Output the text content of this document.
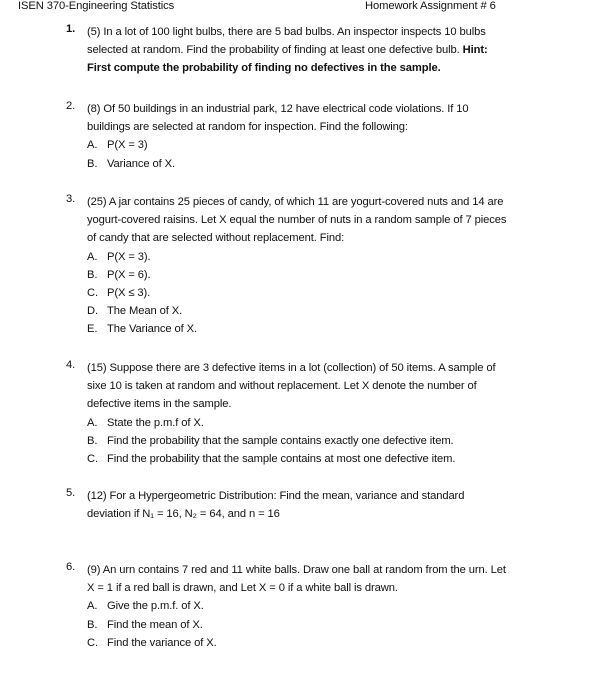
ISEN 370-Engineering Statistics	Homework Assignment # 6
1.	(5) In a lot of 100 light bulbs, there are 5 bad bulbs. An inspector inspects 10 bulbs
selected at random. Find the probability of finding at least one defective bulb. Hint:
First compute the probability of finding no defectives in the sample.
2.	(8) Of 50 buildings in an industrial park, 12 have electrical code violations. If 10
buildings are selected at random for inspection. Find the following:
A. P(X = 3)
B. Variance of X.
3.	(25) A jar contains 25 pieces of candy, of which 11 are yogurt-covered nuts and 14 are
yogurt-covered raisins. Let X equal the number of nuts in a random sample of 7 pieces
of candy that are selected without replacement. Find:
A. P(X = 3).
B. P(X = 6).
C. P(X ≤ 3).
D. The Mean of X.
E. The Variance of X.
4.	(15) Suppose there are 3 defective items in a lot (collection) of 50 items. A sample of
sixe 10 is taken at random and without replacement. Let X denote the number of
defective items in the sample.
A. State the p.m.f of X.
B. Find the probability that the sample contains exactly one defective item.
C. Find the probability that the sample contains at most one defective item.
5.	(12) For a Hypergeometric Distribution: Find the mean, variance and standard
deviation if N₁ = 16, N₂ = 64, and n = 16
6.	(9) An urn contains 7 red and 11 white balls. Draw one ball at random from the urn. Let
X = 1 if a red ball is drawn, and Let X = 0 if a white ball is drawn.
A. Give the p.m.f. of X.
B. Find the mean of X.
C. Find the variance of X.
